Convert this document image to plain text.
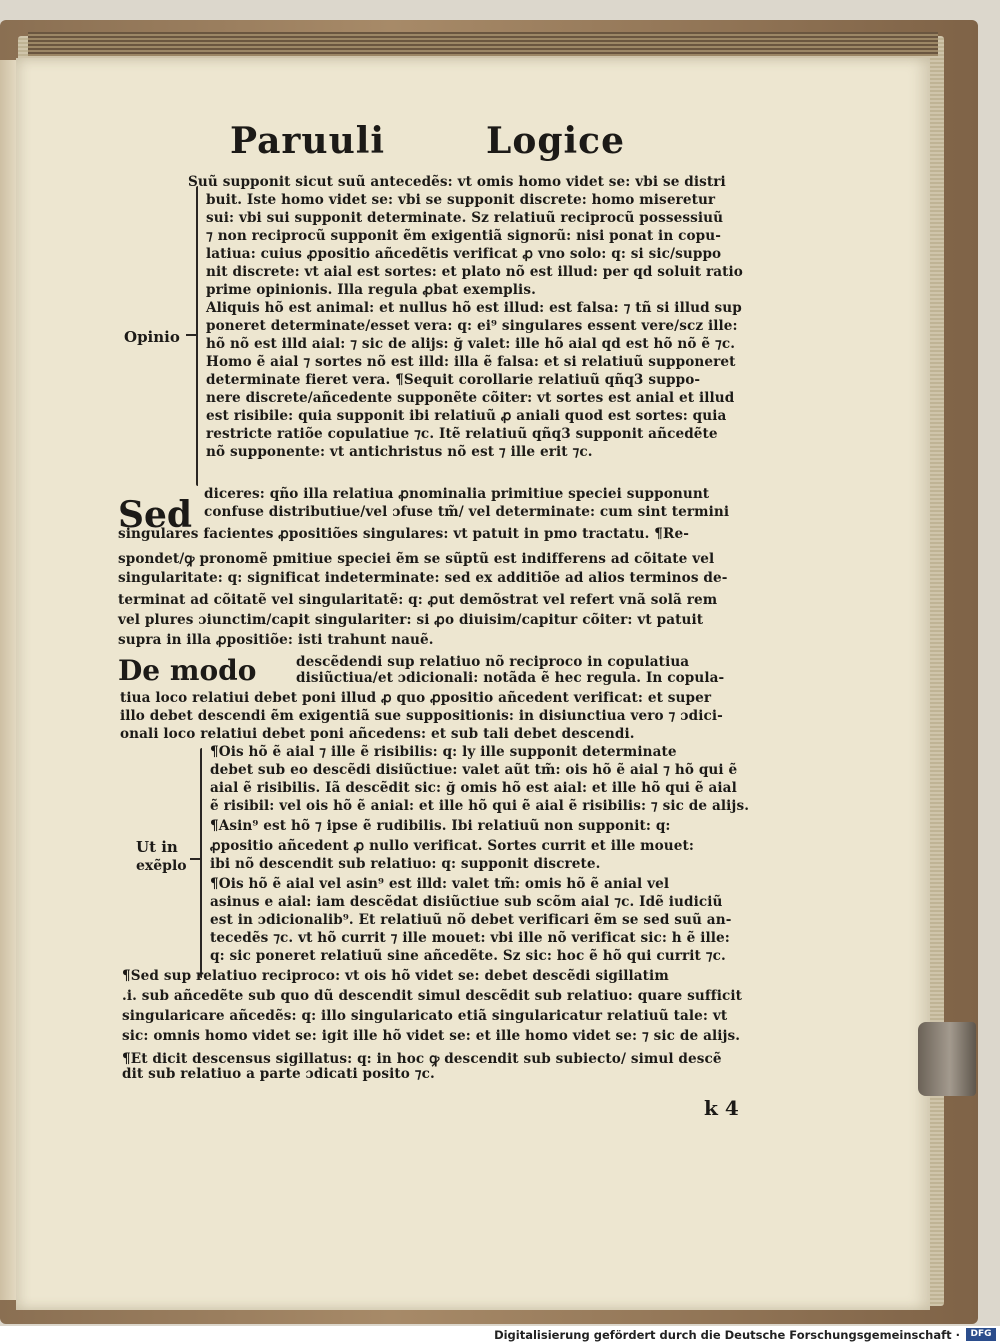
Paruuli	Logice
Opinio
Ut in
exẽplo
Sed
De modo
Suũ supponit sicut suũ antecedẽs: vt omis homo videt se: vbi se distri
buit. Iste homo videt se: vbi se supponit discrete: homo miseretur
sui: vbi sui supponit determinate. Sz relatiuũ reciprocũ possessiuũ
⁊ non reciprocũ supponit ẽm exigentiã signorũ: nisi ponat in copu-
latiua: cuius ꝓpositio añcedẽtis verificat ꝓ vno solo: q: si sic/suppo
nit discrete: vt aial est sortes: et plato nõ est illud: per qd soluit ratio
prime opinionis. Illa regula ꝓbat exemplis.
Aliquis hõ est animal: et nullus hõ est illud: est falsa: ⁊ tñ si illud sup
poneret determinate/esset vera: q: ei⁹ singulares essent vere/scz ille:
hõ nõ est illd aial: ⁊ sic de alijs: ğ valet: ille hõ aial qd est hõ nõ ẽ ⁊c.
Homo ẽ aial ⁊ sortes nõ est illd: illa ẽ falsa: et si relatiuũ supponeret
determinate fieret vera. ¶Sequit corollarie relatiuũ qñq3 suppo-
nere discrete/añcedente supponẽte cõiter: vt sortes est anial et illud
est risibile: quia supponit ibi relatiuũ ꝓ aniali quod est sortes: quia
restricte ratiõe copulatiue ⁊c. Itẽ relatiuũ qñq3 supponit añcedẽte
nõ supponente: vt antichristus nõ est ⁊ ille erit ⁊c.
diceres: qño illa relatiua ꝓnominalia primitiue speciei supponunt
confuse distributiue/vel ɔfuse tm̃/ vel determinate: cum sint termini
singulares facientes ꝓpositiões singulares: vt patuit in pmo tractatu. ¶Re-
spondet/ꝙ pronomẽ pmitiue speciei ẽm se sũptũ est indifferens ad cõitate vel
singularitate: q: significat indeterminate: sed ex additiõe ad alios terminos de-
terminat ad cõitatẽ vel singularitatẽ: q: ꝓut demõstrat vel refert vnã solã rem
vel plures ɔiunctim/capit singulariter: si ꝓo diuisim/capitur cõiter: vt patuit
supra in illa ꝓpositiõe: isti trahunt nauẽ.
descẽdendi sup relatiuo nõ reciproco in copulatiua
disiũctiua/et ɔdicionali: notãda ẽ hec regula. In copula-
tiua loco relatiui debet poni illud ꝓ quo ꝓpositio añcedent verificat: et super
illo debet descendi ẽm exigentiã sue suppositionis: in disiunctiua vero ⁊ ɔdici-
onali loco relatiui debet poni añcedens: et sub tali debet descendi.
¶Ois hõ ẽ aial ⁊ ille ẽ risibilis: q: ly ille supponit determinate
debet sub eo descẽdi disiũctiue: valet aũt tm̃: ois hõ ẽ aial ⁊ hõ qui ẽ
aial ẽ risibilis. Iã descẽdit sic: ğ omis hõ est aial: et ille hõ qui ẽ aial
ẽ risibil: vel ois hõ ẽ anial: et ille hõ qui ẽ aial ẽ risibilis: ⁊ sic de alijs.
¶Asin⁹ est hõ ⁊ ipse ẽ rudibilis. Ibi relatiuũ non supponit: q:
ꝓpositio añcedent ꝓ nullo verificat. Sortes currit et ille mouet:
ibi nõ descendit sub relatiuo: q: supponit discrete.
¶Ois hõ ẽ aial vel asin⁹ est illd: valet tm̃: omis hõ ẽ anial vel
asinus e aial: iam descẽdat disiũctiue sub scõm aial ⁊c. Idẽ iudiciũ
est in ɔdicionalib⁹. Et relatiuũ nõ debet verificari ẽm se sed suũ an-
tecedẽs ⁊c. vt hõ currit ⁊ ille mouet: vbi ille nõ verificat sic: h ẽ ille:
q: sic poneret relatiuũ sine añcedẽte. Sz sic: hoc ẽ hõ qui currit ⁊c.
¶Sed sup relatiuo reciproco: vt ois hõ videt se: debet descẽdi sigillatim
.i. sub añcedẽte sub quo dũ descendit simul descẽdit sub relatiuo: quare sufficit
singularicare añcedẽs: q: illo singularicato etiã singularicatur relatiuũ tale: vt
sic: omnis homo videt se: igit ille hõ videt se: et ille homo videt se: ⁊ sic de alijs.
¶Et dicit descensus sigillatus: q: in hoc ꝙ descendit sub subiecto/ simul descẽ
dit sub relatiuo a parte ɔdicati posito ⁊c.
k 4
Digitalisierung gefördert durch die Deutsche Forschungsgemeinschaft ·	DFG
